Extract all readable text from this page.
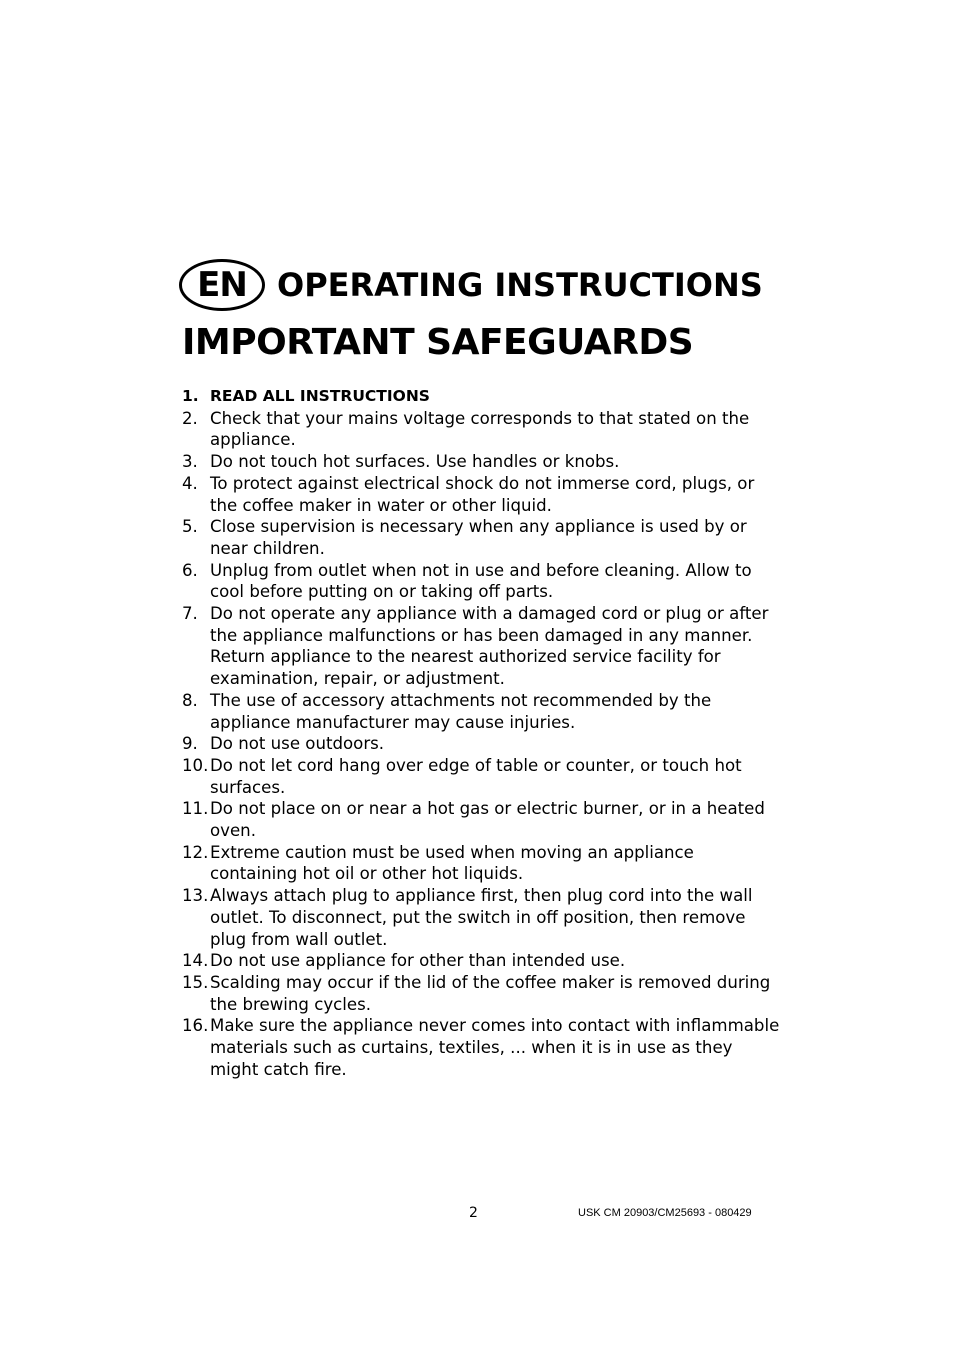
EN OPERATING INSTRUCTIONS
IMPORTANT SAFEGUARDS
1. READ ALL INSTRUCTIONS
2. Check that your mains voltage corresponds to that stated on the appliance.
3. Do not touch hot surfaces. Use handles or knobs.
4. To protect against electrical shock do not immerse cord, plugs, or the coffee maker in water or other liquid.
5. Close supervision is necessary when any appliance is used by or near children.
6. Unplug from outlet when not in use and before cleaning. Allow to cool before putting on or taking off parts.
7. Do not operate any appliance with a damaged cord or plug or after the appliance malfunctions or has been damaged in any manner. Return appliance to the nearest authorized service facility for examination, repair, or adjustment.
8. The use of accessory attachments not recommended by the appliance manufacturer may cause injuries.
9. Do not use outdoors.
10. Do not let cord hang over edge of table or counter, or touch hot surfaces.
11. Do not place on or near a hot gas or electric burner, or in a heated oven.
12. Extreme caution must be used when moving an appliance containing hot oil or other hot liquids.
13. Always attach plug to appliance first, then plug cord into the wall outlet. To disconnect, put the switch in off position, then remove plug from wall outlet.
14. Do not use appliance for other than intended use.
15. Scalding may occur if the lid of the coffee maker is removed during the brewing cycles.
16. Make sure the appliance never comes into contact with inflammable materials such as curtains, textiles, ... when it is in use as they might catch fire.
2	USK CM 20903/CM25693 - 080429
